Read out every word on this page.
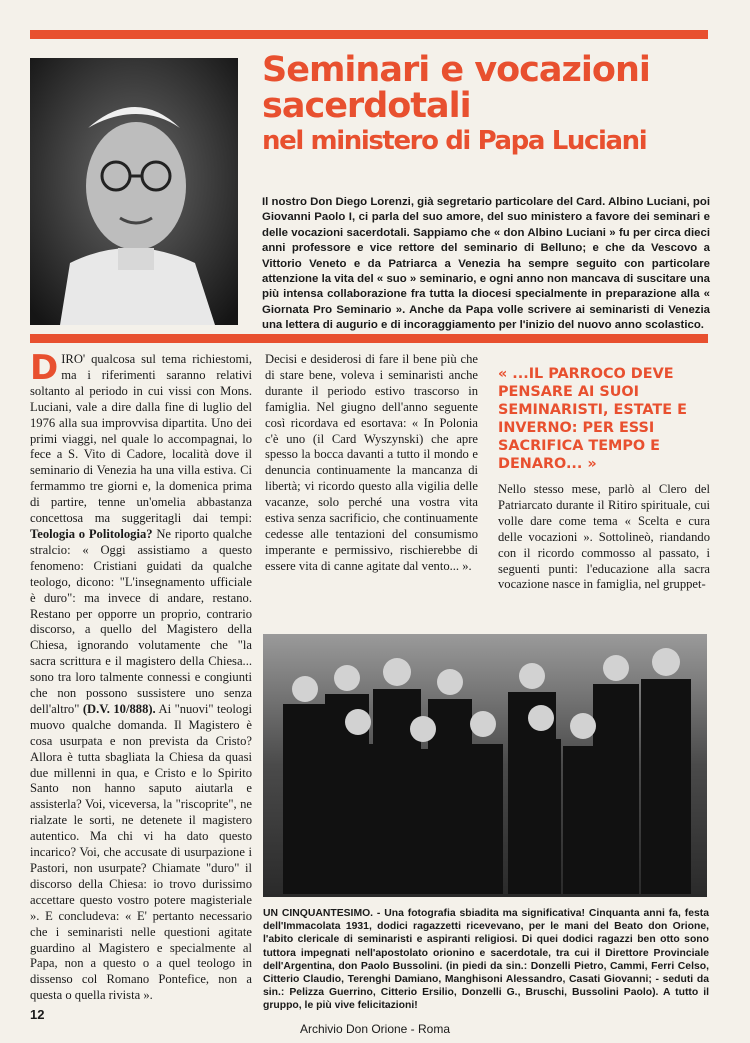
Seminari e vocazioni
sacerdotali
nel ministero di Papa Luciani
Il nostro Don Diego Lorenzi, già segretario particolare del Card. Albino Luciani, poi Giovanni Paolo I, ci parla del suo amore, del suo ministero a favore dei seminari e delle vocazioni sacerdotali. Sappiamo che « don Albino Luciani » fu per circa dieci anni professore e vice rettore del seminario di Belluno; e che da Vescovo a Vittorio Veneto e da Patriarca a Venezia ha sempre seguito con particolare attenzione la vita del « suo » seminario, e ogni anno non mancava di suscitare una più intensa collaborazione fra tutta la diocesi specialmente in preparazione alla « Giornata Pro Seminario ». Anche da Papa volle scrivere ai seminaristi di Venezia una lettera di augurio e di incoraggiamento per l'inizio del nuovo anno scolastico.
DIRO' qualcosa sul tema richiestomi, ma i riferimenti saranno relativi soltanto al periodo in cui vissi con Mons. Luciani, vale a dire dalla fine di luglio del 1976 alla sua improvvisa dipartita. Uno dei primi viaggi, nel quale lo accompagnai, lo fece a S. Vito di Cadore, località dove il seminario di Venezia ha una villa estiva. Ci fermammo tre giorni e, la domenica prima di partire, tenne un'omelia abbastanza concettosa ma suggeritagli dai tempi: Teologia o Politologia? Ne riporto qualche stralcio: « Oggi assistiamo a questo fenomeno: Cristiani guidati da qualche teologo, dicono: "L'insegnamento ufficiale è duro": ma invece di andare, restano. Restano per opporre un proprio, contrario discorso, a quello del Magistero della Chiesa, ignorando volutamente che "la sacra scrittura e il magistero della Chiesa... sono tra loro talmente connessi e congiunti che non possono sussistere uno senza dell'altro" (D.V. 10/888). Ai "nuovi" teologi muovo qualche domanda. Il Magistero è cosa usurpata e non prevista da Cristo? Allora è tutta sbagliata la Chiesa da quasi due millenni in qua, e Cristo e lo Spirito Santo non hanno saputo aiutarla e assisterla? Voi, viceversa, la "riscoprite", ne rialzate le sorti, ne detenete il magistero autentico. Ma chi vi ha dato questo incarico? Voi, che accusate di usurpazione i Pastori, non usurpate? Chiamate "duro" il discorso della Chiesa: io trovo durissimo accettare questo vostro potere magisteriale ». E concludeva: « E' pertanto necessario che i seminaristi nelle questioni agitate guardino al Magistero e specialmente al Papa, non a questo o a quel teologo in dissenso col Romano Pontefice, non a questa o quella rivista ».
Decisi e desiderosi di fare il bene più che di stare bene, voleva i seminaristi anche durante il periodo estivo trascorso in famiglia. Nel giugno dell'anno seguente così ricordava ed esortava: « In Polonia c'è uno (il Card Wyszynski) che apre spesso la bocca davanti a tutto il mondo e denuncia continuamente la mancanza di libertà; vi ricordo questo alla vigilia delle vacanze, solo perché una vostra vita estiva senza sacrificio, che continuamente cedesse alle tentazioni del consumismo imperante e permissivo, rischierebbe di essere vita di canne agitate dal vento... ».
« ...IL PARROCO DEVE PENSARE AI SUOI SEMINARISTI, ESTATE E INVERNO: PER ESSI SACRIFICA TEMPO E DENARO... »
Nello stesso mese, parlò al Clero del Patriarcato durante il Ritiro spirituale, cui volle dare come tema « Scelta e cura delle vocazioni ». Sottolineò, riandando con il ricordo commosso al passato, i seguenti punti: l'educazione alla sacra vocazione nasce in famiglia, nel gruppet-
UN CINQUANTESIMO. - Una fotografia sbiadita ma significativa! Cinquanta anni fa, festa dell'Immacolata 1931, dodici ragazzetti ricevevano, per le mani del Beato don Orione, l'abito clericale di seminaristi e aspiranti religiosi. Di quei dodici ragazzi ben otto sono tuttora impegnati nell'apostolato orionino e sacerdotale, tra cui il Direttore Provinciale dell'Argentina, don Paolo Bussolini. (in piedi da sin.: Donzelli Pietro, Cammi, Ferri Celso, Citterio Claudio, Terenghi Damiano, Manghisoni Alessandro, Casati Giovanni; - seduti da sin.: Pelizza Guerrino, Citterio Ersilio, Donzelli G., Bruschi, Bussolini Paolo). A tutto il gruppo, le più vive felicitazioni!
12
Archivio Don Orione - Roma
